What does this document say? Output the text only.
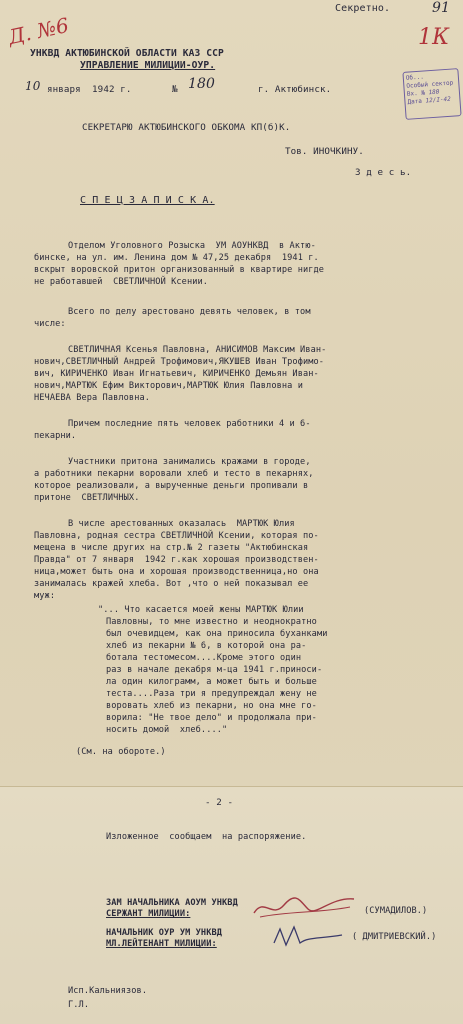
Д. №6
Секретно.	91
1К
УНКВД АКТЮБИНСКОЙ ОБЛАСТИ КАЗ ССР
УПРАВЛЕНИЕ МИЛИЦИИ-ОУР.
10 января  1942 г.	№ 180	г. Актюбинск.
Об...
Особый сектор
Вх. № 180
Дата 12/I-42
СЕКРЕТАРЮ АКТЮБИНСКОГО ОБКОМА КП(б)К.
Тов. ИНОЧКИНУ.
З д е с ь.
С П Е Ц З А П И С К А.
Отделом Уголовного Розыска  УМ АОУНКВД  в Актю-
бинске, на ул. им. Ленина дом № 47,25 декабря  1941 г.
вскрыт воровской притон организованный в квартире нигде
не работавшей  СВЕТЛИЧНОЙ Ксении.
Всего по делу арестовано девять человек, в том
числе:
СВЕТЛИЧНАЯ Ксенья Павловна, АНИСИМОВ Максим Иван-
нович,СВЕТЛИЧНЫЙ Андрей Трофимович,ЯКУШЕВ Иван Трофимо-
вич, КИРИЧЕНКО Иван Игнатьевич, КИРИЧЕНКО Демьян Иван-
нович,МАРТЮК Ефим Викторович,МАРТЮК Юлия Павловна и
НЕЧАЕВА Вера Павловна.
Причем последние пять человек работники 4 и 6-
пекарни.
Участники притона занимались кражами в городе,
а работники пекарни воровали хлеб и тесто в пекарнях,
которое реализовали, а вырученные деньги пропивали в
притоне  СВЕТЛИЧНЫХ.
В числе арестованных оказалась  МАРТЮК Юлия
Павловна, родная сестра СВЕТЛИЧНОЙ Ксении, которая по-
мещена в числе других на стр.№ 2 газеты "Актюбинская
Правда" от 7 января  1942 г.как хорошая производствен-
ница,может быть она и хорошая производственница,но она
занималась кражей хлеба. Вот ,что о ней показывал ее
муж:
"... Что касается моей жены МАРТЮК Юлии
Павловны, то мне известно и неоднократно
был очевидцем, как она приносила буханками
хлеб из пекарни № 6, в которой она ра-
ботала тестомесом....Кроме этого один
раз в начале декабря м-ца 1941 г.приноси-
ла один килограмм, а может быть и больше
теста....Раза три я предупреждал жену не
воровать хлеб из пекарни, но она мне го-
ворила: "Не твое дело" и продолжала при-
носить домой  хлеб...."
(См. на обороте.)
- 2 -
Изложенное  сообщаем  на распоряжение.
ЗАМ НАЧАЛЬНИКА АОУМ УНКВД
СЕРЖАНТ МИЛИЦИИ:	(СУМАДИЛОВ.)
НАЧАЛЬНИК ОУР УМ УНКВД
МЛ.ЛЕЙТЕНАНТ МИЛИЦИИ:
( ДМИТРИЕВСКИЙ.)
Исп.Кальниязов.
Г.Л.
